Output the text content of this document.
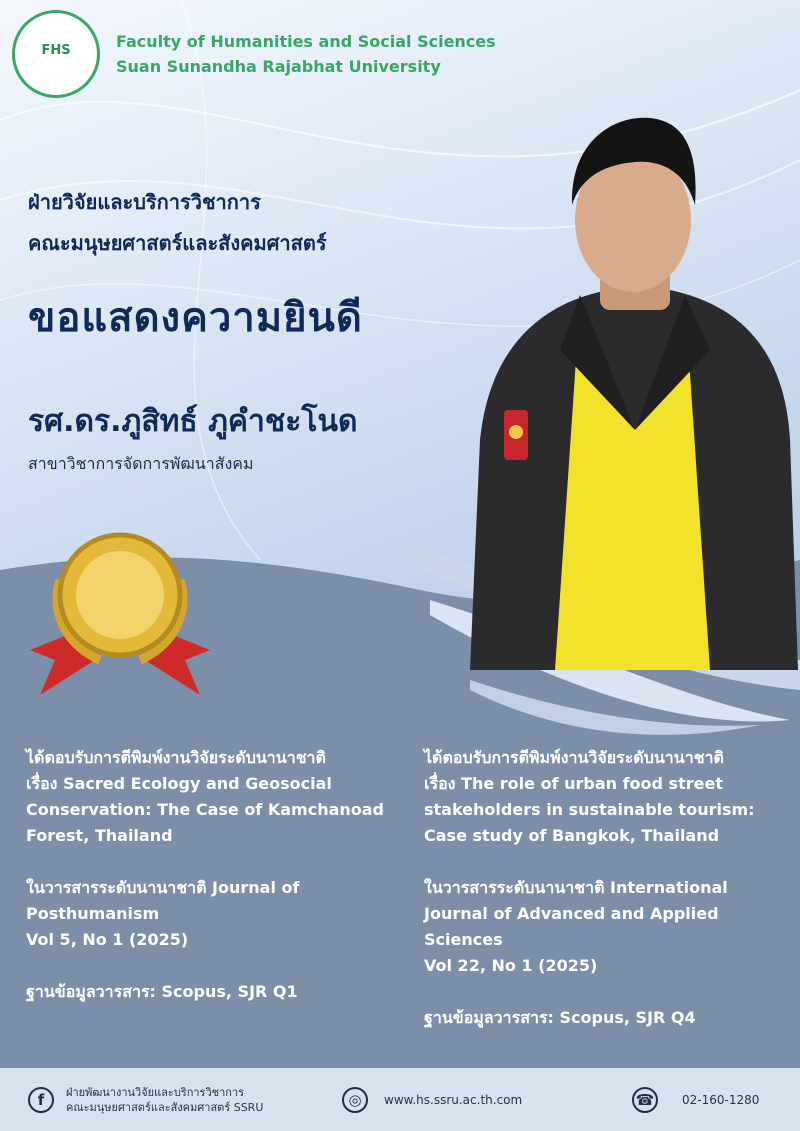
FHS	Faculty of Humanities and Social Sciences
Suan Sunandha Rajabhat University
ฝ่ายวิจัยและบริการวิชาการ
คณะมนุษยศาสตร์และสังคมศาสตร์
ขอแสดงความยินดี
รศ.ดร.ภูสิทธ์ ภูคำชะโนด
สาขาวิชาการจัดการพัฒนาสังคม

ได้ตอบรับการตีพิมพ์งานวิจัยระดับนานาชาติ

เรื่อง Sacred Ecology and Geosocial Conservation: The Case of Kamchanoad Forest, Thailand

ในวารสารระดับนานาชาติ Journal of Posthumanism

Vol 5, No 1 (2025)

ฐานข้อมูลวารสาร: Scopus, SJR Q1

ได้ตอบรับการตีพิมพ์งานวิจัยระดับนานาชาติ

เรื่อง The role of urban food street stakeholders in sustainable tourism: Case study of Bangkok, Thailand

ในวารสารระดับนานาชาติ International Journal of Advanced and Applied Sciences

Vol 22, No 1 (2025)

ฐานข้อมูลวารสาร: Scopus, SJR Q4

f	ฝ่ายพัฒนางานวิจัยและบริการวิชาการ
คณะมนุษยศาสตร์และสังคมศาสตร์ SSRU	◎	www.hs.ssru.ac.th.com	☎	02-160-1280
